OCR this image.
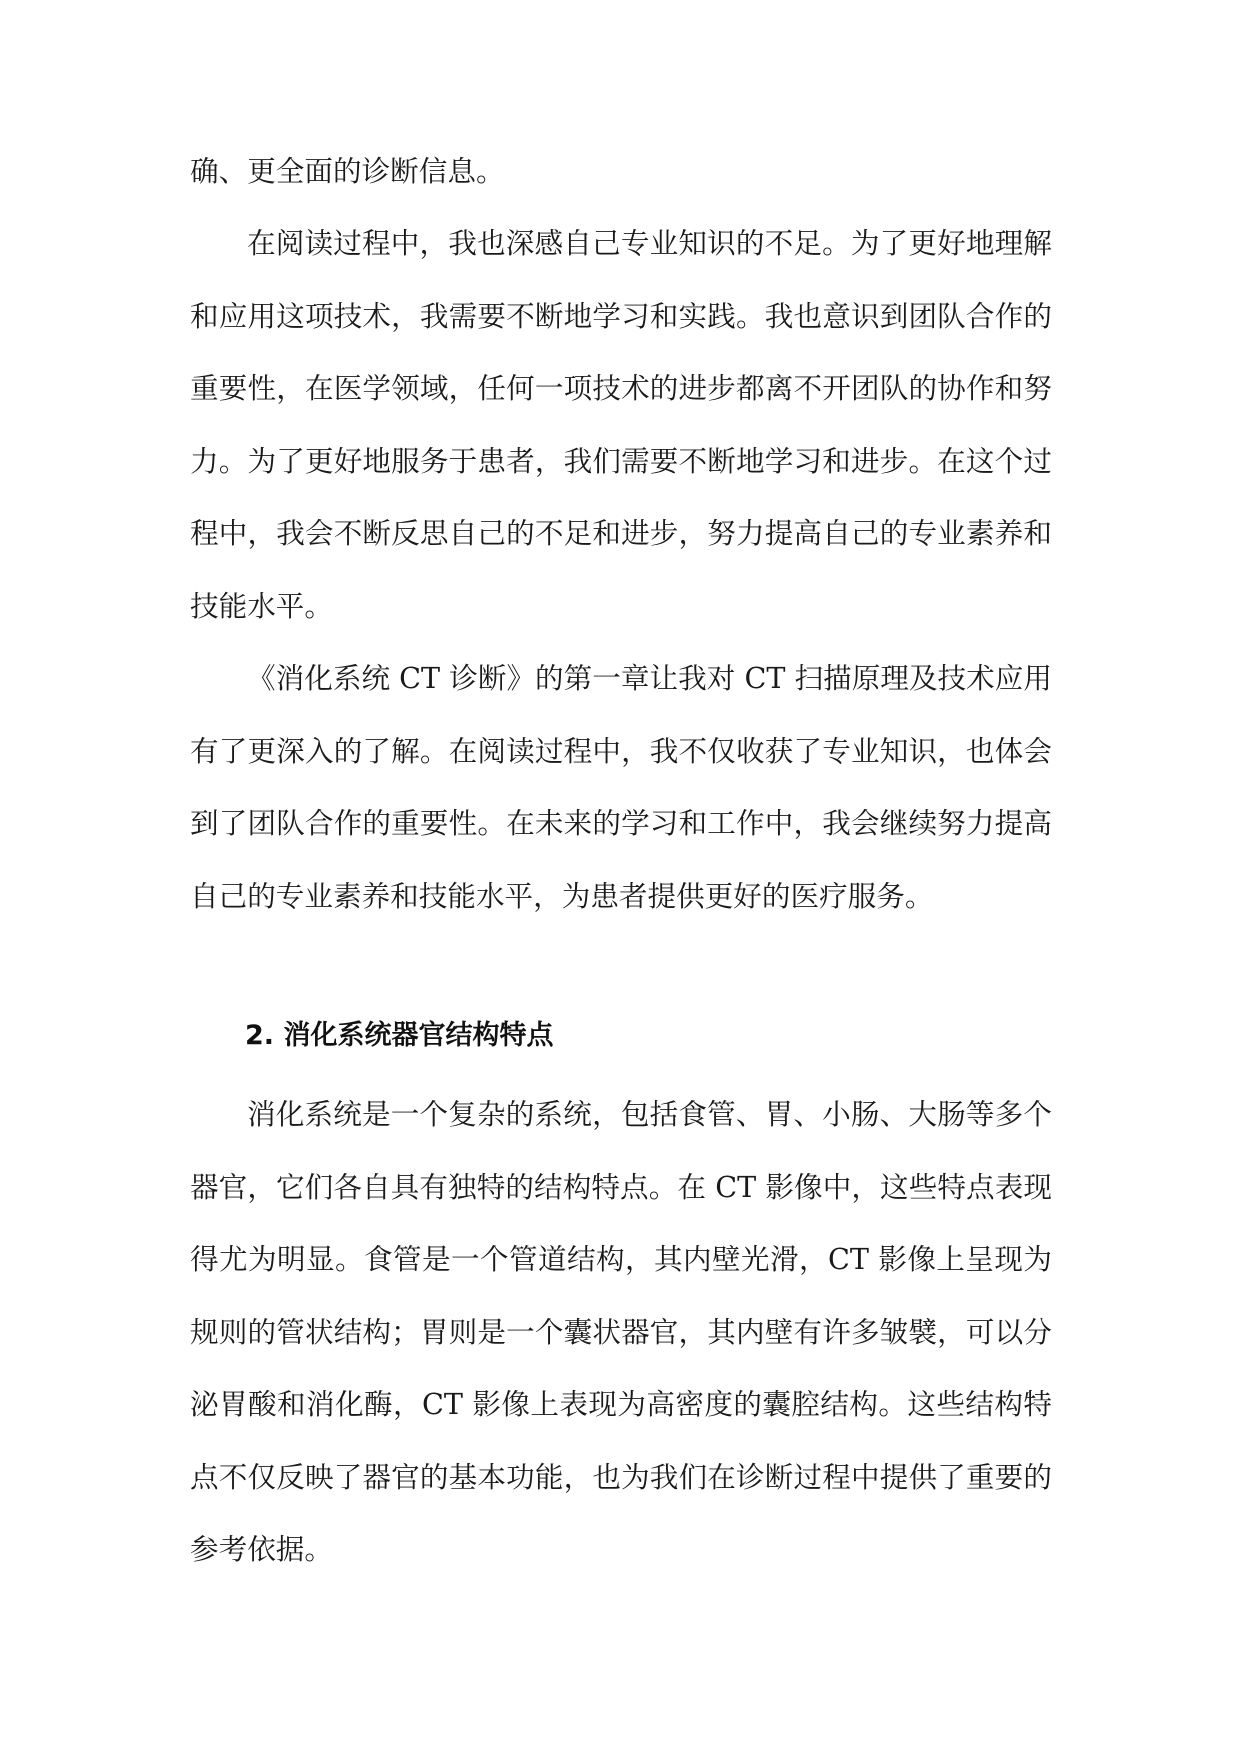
确、更全面的诊断信息。

在阅读过程中，我也深感自己专业知识的不足。为了更好地理解和应用这项技术，我需要不断地学习和实践。我也意识到团队合作的重要性，在医学领域，任何一项技术的进步都离不开团队的协作和努力。为了更好地服务于患者，我们需要不断地学习和进步。在这个过程中，我会不断反思自己的不足和进步，努力提高自己的专业素养和技能水平。

《消化系统 CT 诊断》的第一章让我对 CT 扫描原理及技术应用有了更深入的了解。在阅读过程中，我不仅收获了专业知识，也体会到了团队合作的重要性。在未来的学习和工作中，我会继续努力提高自己的专业素养和技能水平，为患者提供更好的医疗服务。

2. 消化系统器官结构特点

消化系统是一个复杂的系统，包括食管、胃、小肠、大肠等多个器官，它们各自具有独特的结构特点。在 CT 影像中，这些特点表现得尤为明显。食管是一个管道结构，其内壁光滑，CT 影像上呈现为规则的管状结构；胃则是一个囊状器官，其内壁有许多皱襞，可以分泌胃酸和消化酶，CT 影像上表现为高密度的囊腔结构。这些结构特点不仅反映了器官的基本功能，也为我们在诊断过程中提供了重要的参考依据。
